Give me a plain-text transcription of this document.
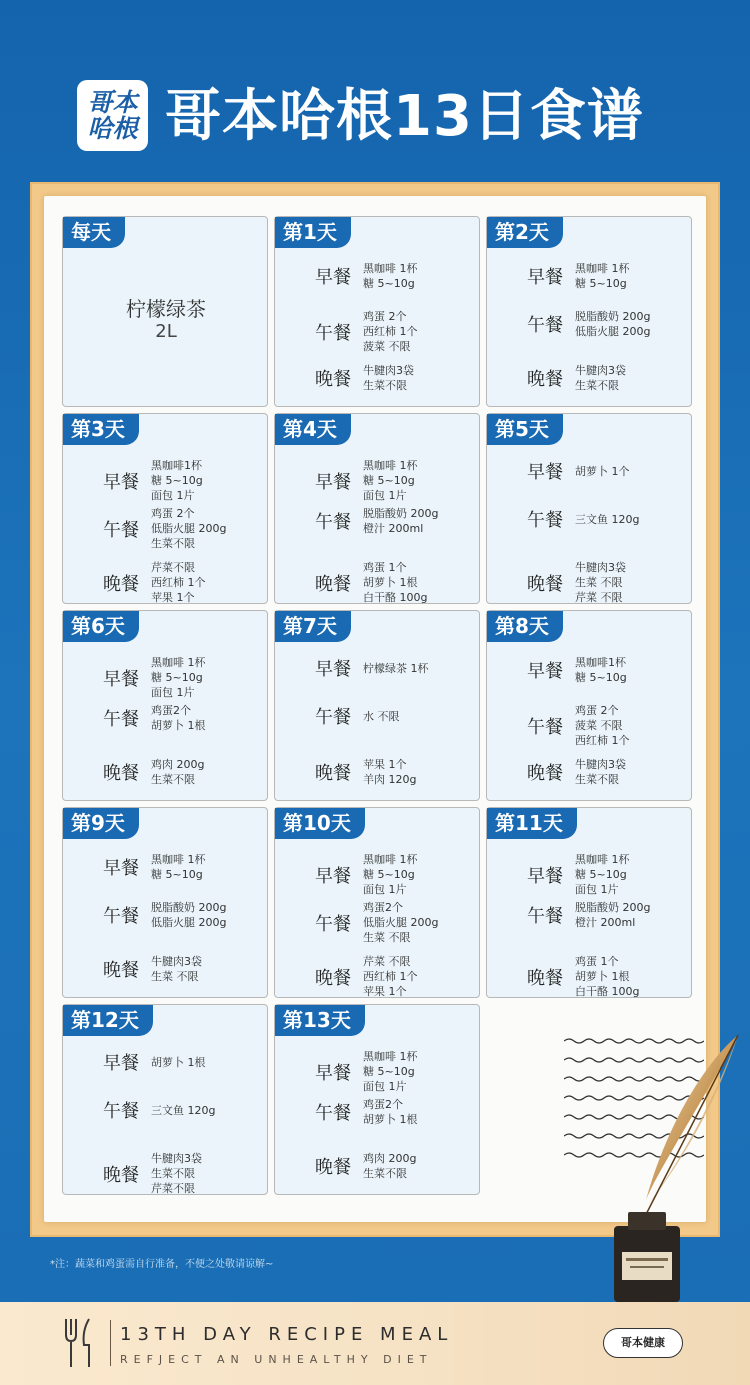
哥本哈根 哥本哈根13日食谱
每天
柠檬绿茶
2L
第1天
早餐	黑咖啡 1杯
糖 5~10g
午餐
鸡蛋 2个
西红柿 1个
菠菜 不限
晚餐	牛腱肉3袋
生菜不限
第2天
早餐	黑咖啡 1杯
糖 5~10g
午餐	脱脂酸奶 200g
低脂火腿 200g
晚餐	牛腱肉3袋
生菜不限
第3天
早餐
黑咖啡1杯
糖 5~10g
面包 1片
午餐
鸡蛋 2个
低脂火腿 200g
生菜不限
晚餐
芹菜不限
西红柿 1个
苹果 1个
第4天
早餐
黑咖啡 1杯
糖 5~10g
面包 1片
午餐	脱脂酸奶 200g
橙汁 200ml
晚餐
鸡蛋 1个
胡萝卜 1根
白干酪 100g
第5天
早餐	胡萝卜 1个
午餐	三文鱼 120g
晚餐
牛腱肉3袋
生菜 不限
芹菜 不限
第6天
早餐
黑咖啡 1杯
糖 5~10g
面包 1片
午餐	鸡蛋2个
胡萝卜 1根
晚餐	鸡肉 200g
生菜不限
第7天
早餐	柠檬绿茶 1杯
午餐	水 不限
晚餐	苹果 1个
羊肉 120g
第8天
早餐	黑咖啡1杯
糖 5~10g
午餐
鸡蛋 2个
菠菜 不限
西红柿 1个
晚餐	牛腱肉3袋
生菜不限
第9天
早餐	黑咖啡 1杯
糖 5~10g
午餐	脱脂酸奶 200g
低脂火腿 200g
晚餐	牛腱肉3袋
生菜 不限
第10天
早餐
黑咖啡 1杯
糖 5~10g
面包 1片
午餐
鸡蛋2个
低脂火腿 200g
生菜 不限
晚餐
芹菜 不限
西红柿 1个
苹果 1个
第11天
早餐
黑咖啡 1杯
糖 5~10g
面包 1片
午餐	脱脂酸奶 200g
橙汁 200ml
晚餐
鸡蛋 1个
胡萝卜 1根
白干酪 100g
第12天
早餐	胡萝卜 1根
午餐	三文鱼 120g
晚餐
牛腱肉3袋
生菜不限
芹菜不限
第13天
早餐
黑咖啡 1杯
糖 5~10g
面包 1片
午餐	鸡蛋2个
胡萝卜 1根
晚餐	鸡肉 200g
生菜不限
*注：蔬菜和鸡蛋需自行准备，不便之处敬请谅解~
13TH DAY RECIPE MEAL
REFJECT AN UNHEALTHY DIET
哥本健康
